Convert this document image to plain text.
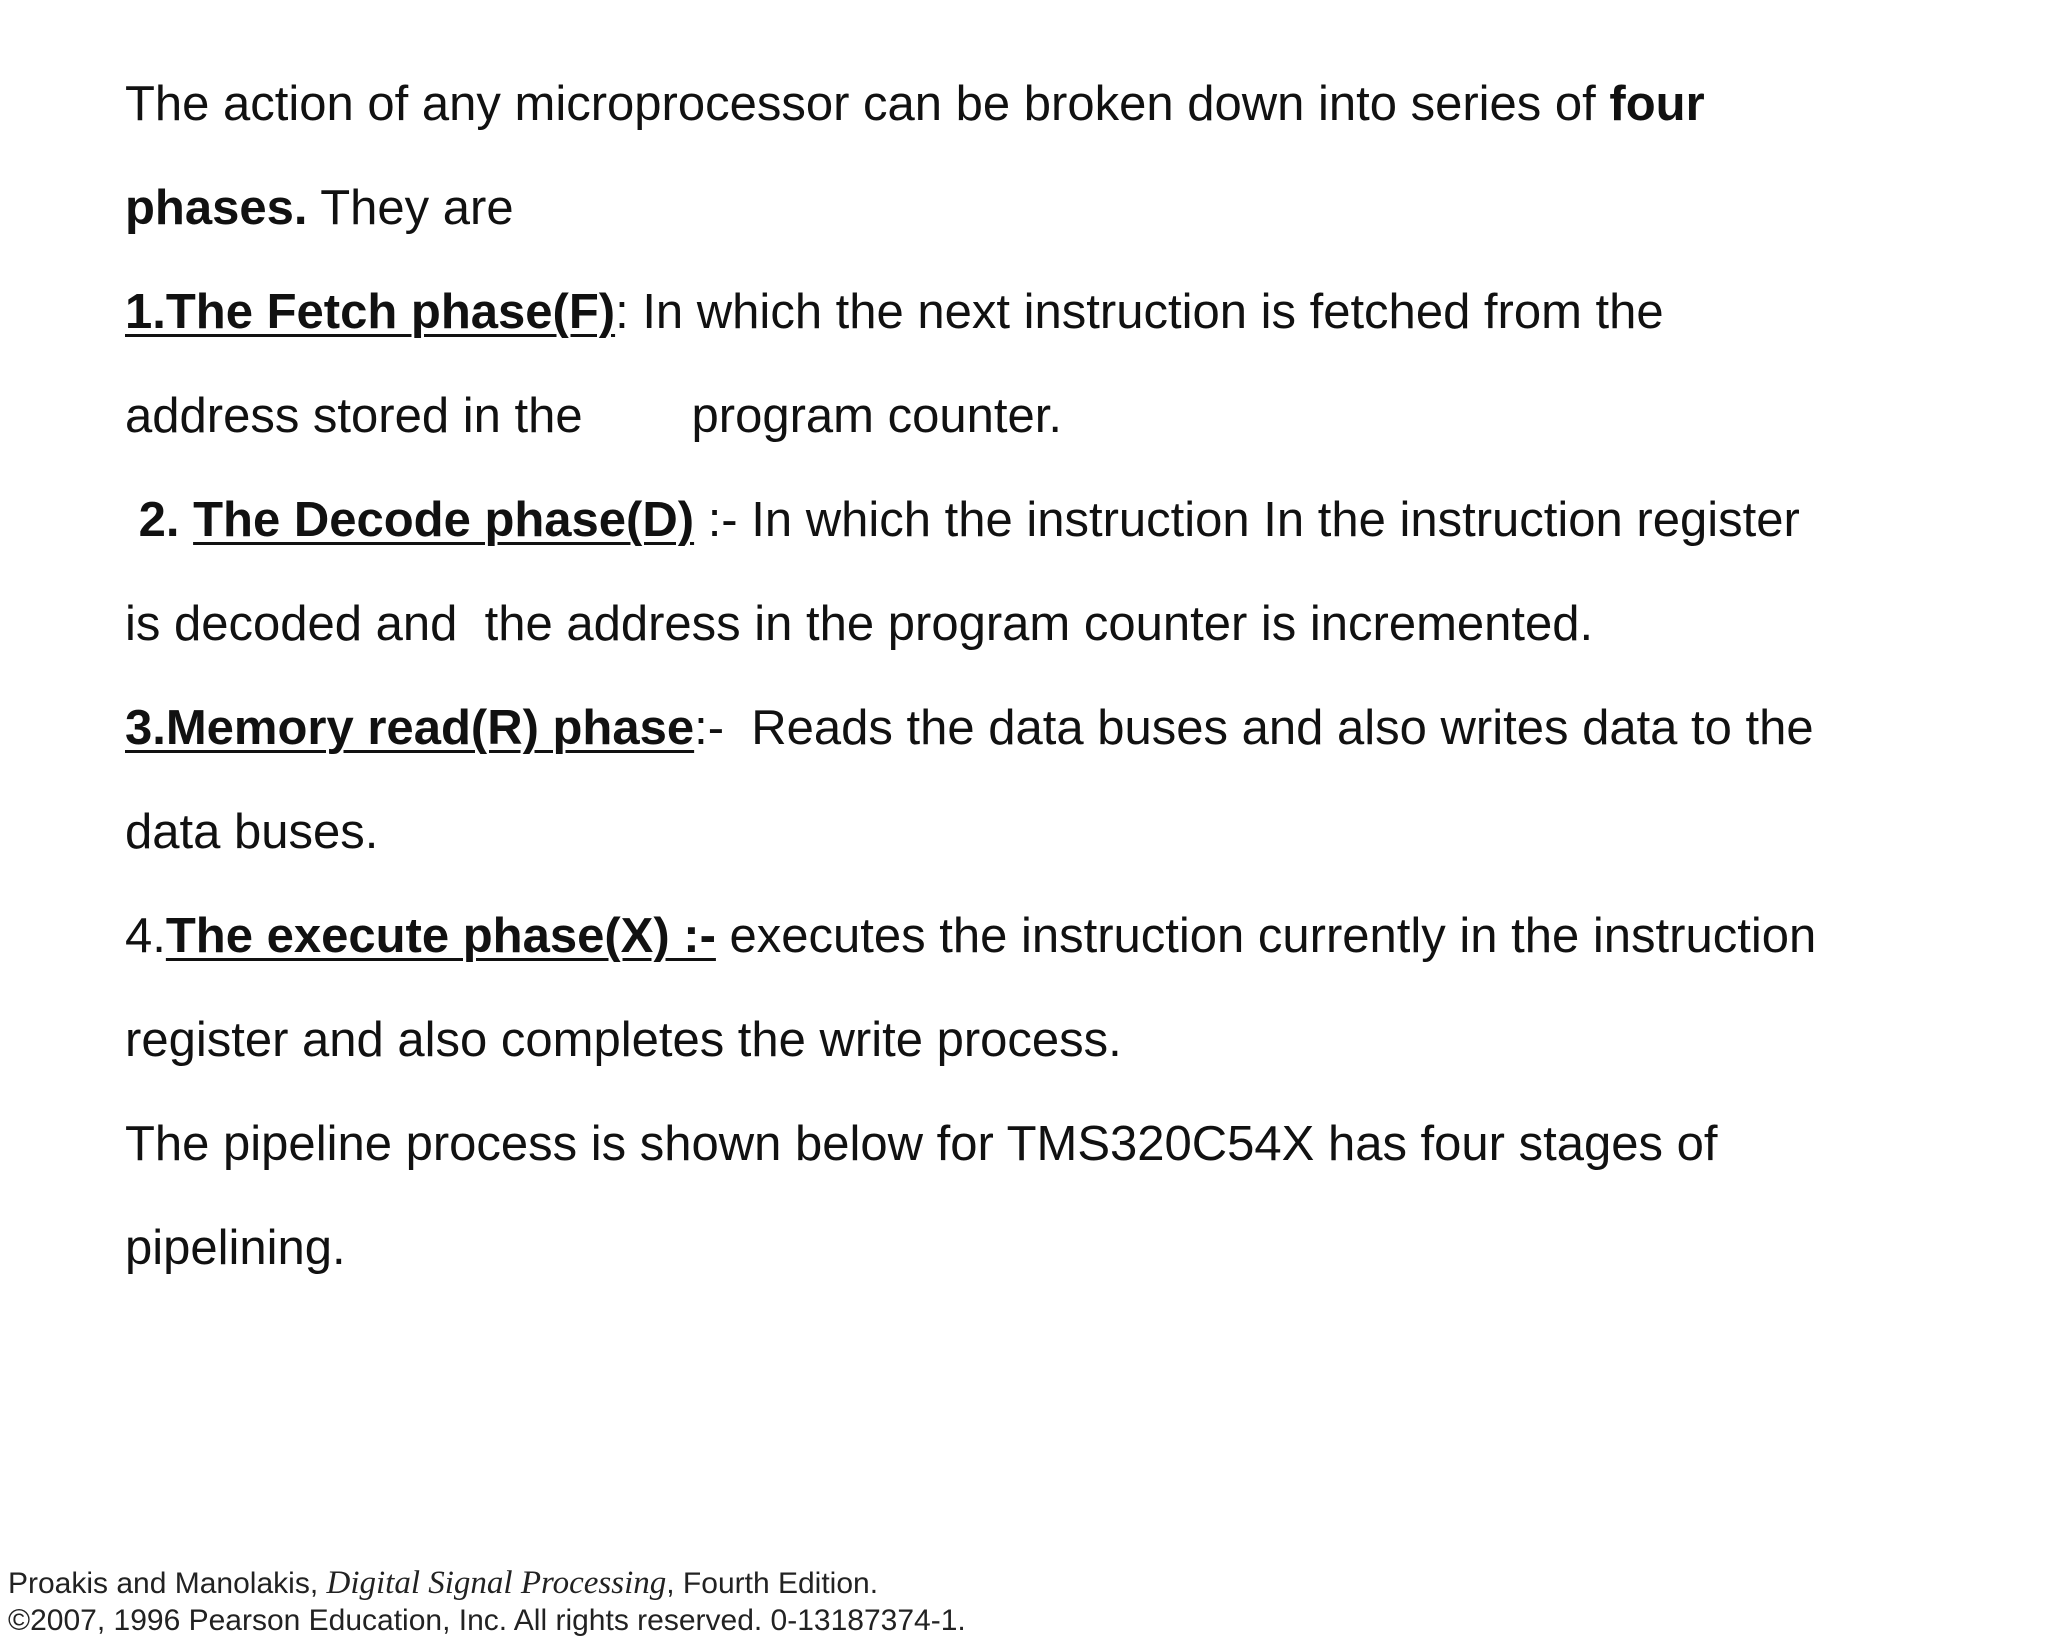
The action of any microprocessor can be broken down into series of four

phases. They are

1.The Fetch phase(F): In which the next instruction is fetched from the

address stored in the        program counter.

2. The Decode phase(D) :- In which the instruction In the instruction register

is decoded and  the address in the program counter is incremented.

3.Memory read(R) phase:-  Reads the data buses and also writes data to the

data buses.

4.The execute phase(X) :- executes the instruction currently in the instruction

register and also completes the write process.

The pipeline process is shown below for TMS320C54X has four stages of

pipelining.

Proakis and Manolakis, Digital Signal Processing, Fourth Edition.
©2007, 1996 Pearson Education, Inc. All rights reserved. 0-13187374-1.
